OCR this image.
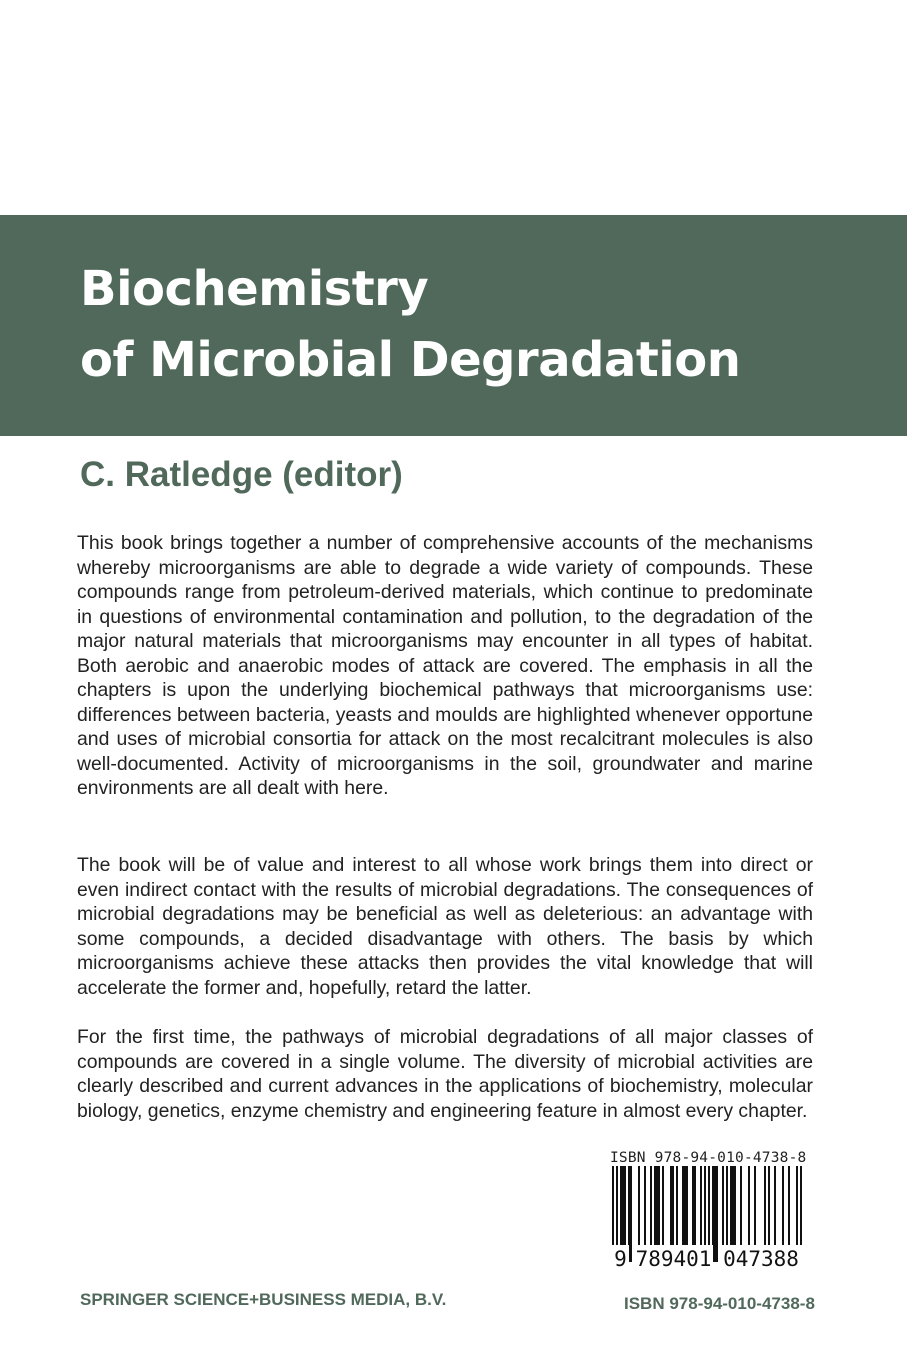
Biochemistry
of Microbial Degradation
C. Ratledge (editor)

This book brings together a number of comprehensive accounts of the mechanisms whereby microorganisms are able to degrade a wide variety of compounds. These compounds range from petroleum-derived materials, which continue to predominate in questions of environmental contamination and pollution, to the degradation of the major natural materials that microorganisms may encounter in all types of habitat. Both aerobic and anaerobic modes of attack are covered. The emphasis in all the chapters is upon the underlying biochemical pathways that microorganisms use: differences between bacteria, yeasts and moulds are highlighted whenever opportune and uses of microbial consortia for attack on the most recalcitrant molecules is also well-documented. Activity of microorganisms in the soil, groundwater and marine environments are all dealt with here.

The book will be of value and interest to all whose work brings them into direct or even indirect contact with the results of microbial degradations. The consequences of microbial degradations may be beneficial as well as deleterious: an advantage with some compounds, a decided disadvantage with others. The basis by which microorganisms achieve these attacks then provides the vital knowledge that will accelerate the former and, hopefully, retard the latter.

For the first time, the pathways of microbial degradations of all major classes of compounds are covered in a single volume. The diversity of microbial activities are clearly described and current advances in the applications of biochemistry, molecular biology, genetics, enzyme chemistry and engineering feature in almost every chapter.

ISBN 978-94-010-4738-8
9 789401 047388
SPRINGER SCIENCE+BUSINESS MEDIA, B.V.	ISBN 978-94-010-4738-8
